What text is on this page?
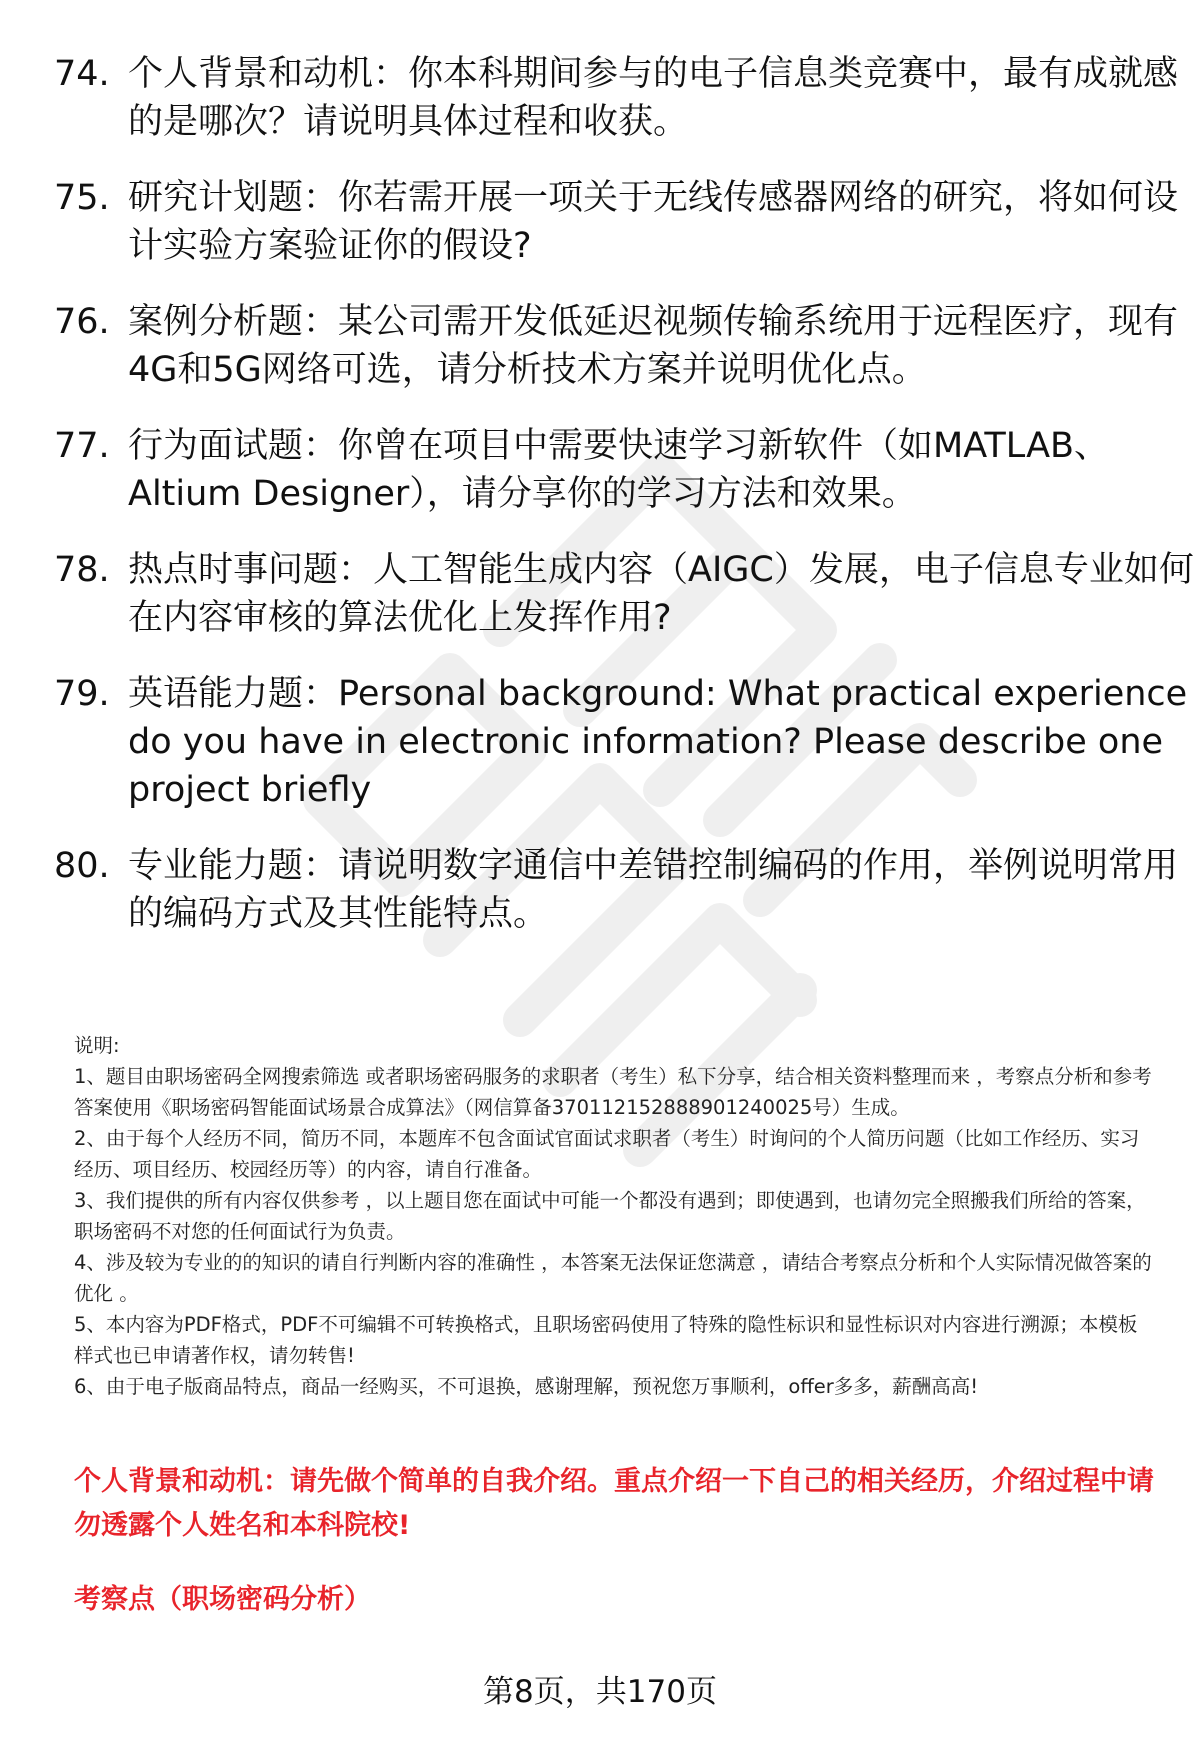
74. 个人背景和动机：你本科期间参与的电子信息类竞赛中，最有成就感的是哪次？请说明具体过程和收获。
75. 研究计划题：你若需开展一项关于无线传感器网络的研究，将如何设计实验方案验证你的假设?
76. 案例分析题：某公司需开发低延迟视频传输系统用于远程医疗，现有4G和5G网络可选，请分析技术方案并说明优化点。
77. 行为面试题：你曾在项目中需要快速学习新软件（如MATLAB、Altium Designer），请分享你的学习方法和效果。
78. 热点时事问题：人工智能生成内容（AIGC）发展，电子信息专业如何在内容审核的算法优化上发挥作用?
79. 英语能力题：Personal background: What practical experience do you have in electronic information? Please describe one project briefly
80. 专业能力题：请说明数字通信中差错控制编码的作用，举例说明常用的编码方式及其性能特点。

说明:

1、题目由职场密码全网搜索筛选 或者职场密码服务的求职者（考生）私下分享，结合相关资料整理而来 ，考察点分析和参考答案使用《职场密码智能面试场景合成算法》（网信算备370112152888901240025号）生成。

2、由于每个人经历不同，简历不同，本题库不包含面试官面试求职者（考生）时询问的个人简历问题（比如工作经历、实习经历、项目经历、校园经历等）的内容，请自行准备。

3、我们提供的所有内容仅供参考 ，以上题目您在面试中可能一个都没有遇到；即使遇到，也请勿完全照搬我们所给的答案，职场密码不对您的任何面试行为负责。

4、涉及较为专业的的知识的请自行判断内容的准确性 ，本答案无法保证您满意 ，请结合考察点分析和个人实际情况做答案的优化 。

5、本内容为PDF格式，PDF不可编辑不可转换格式，且职场密码使用了特殊的隐性标识和显性标识对内容进行溯源；本模板样式也已申请著作权，请勿转售!

6、由于电子版商品特点，商品一经购买，不可退换，感谢理解，预祝您万事顺利，offer多多，薪酬高高!

个人背景和动机：请先做个简单的自我介绍。重点介绍一下自己的相关经历，介绍过程中请勿透露个人姓名和本科院校!

考察点（职场密码分析）

第8页，共170页
